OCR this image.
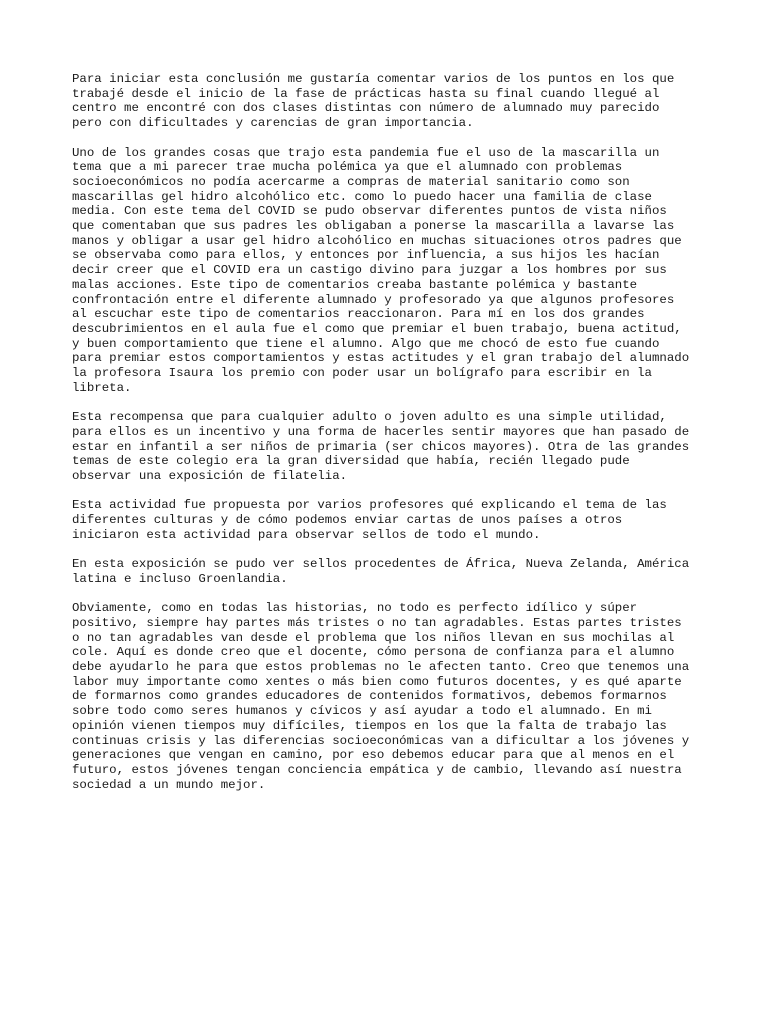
Para iniciar esta conclusión me gustaría comentar varios de los puntos en los que
trabajé desde el inicio de la fase de prácticas hasta su final cuando llegué al
centro me encontré con dos clases distintas con número de alumnado muy parecido
pero con dificultades y carencias de gran importancia.

Uno de los grandes cosas que trajo esta pandemia fue el uso de la mascarilla un
tema que a mi parecer trae mucha polémica ya que el alumnado con problemas
socioeconómicos no podía acercarme a compras de material sanitario como son
mascarillas gel hidro alcohólico etc. como lo puedo hacer una familia de clase
media. Con este tema del COVID se pudo observar diferentes puntos de vista niños
que comentaban que sus padres les obligaban a ponerse la mascarilla a lavarse las
manos y obligar a usar gel hidro alcohólico en muchas situaciones otros padres que
se observaba como para ellos, y entonces por influencia, a sus hijos les hacían
decir creer que el COVID era un castigo divino para juzgar a los hombres por sus
malas acciones. Este tipo de comentarios creaba bastante polémica y bastante
confrontación entre el diferente alumnado y profesorado ya que algunos profesores
al escuchar este tipo de comentarios reaccionaron. Para mí en los dos grandes
descubrimientos en el aula fue el como que premiar el buen trabajo, buena actitud,
y buen comportamiento que tiene el alumno. Algo que me chocó de esto fue cuando
para premiar estos comportamientos y estas actitudes y el gran trabajo del alumnado
la profesora Isaura los premio con poder usar un bolígrafo para escribir en la
libreta.

Esta recompensa que para cualquier adulto o joven adulto es una simple utilidad,
para ellos es un incentivo y una forma de hacerles sentir mayores que han pasado de
estar en infantil a ser niños de primaria (ser chicos mayores). Otra de las grandes
temas de este colegio era la gran diversidad que había, recién llegado pude
observar una exposición de filatelia.

Esta actividad fue propuesta por varios profesores qué explicando el tema de las
diferentes culturas y de cómo podemos enviar cartas de unos países a otros
iniciaron esta actividad para observar sellos de todo el mundo.

En esta exposición se pudo ver sellos procedentes de África, Nueva Zelanda, América
latina e incluso Groenlandia.

Obviamente, como en todas las historias, no todo es perfecto idílico y súper
positivo, siempre hay partes más tristes o no tan agradables. Estas partes tristes
o no tan agradables van desde el problema que los niños llevan en sus mochilas al
cole. Aquí es donde creo que el docente, cómo persona de confianza para el alumno
debe ayudarlo he para que estos problemas no le afecten tanto. Creo que tenemos una
labor muy importante como xentes o más bien como futuros docentes, y es qué aparte
de formarnos como grandes educadores de contenidos formativos, debemos formarnos
sobre todo como seres humanos y cívicos y así ayudar a todo el alumnado. En mi
opinión vienen tiempos muy difíciles, tiempos en los que la falta de trabajo las
continuas crisis y las diferencias socioeconómicas van a dificultar a los jóvenes y
generaciones que vengan en camino, por eso debemos educar para que al menos en el
futuro, estos jóvenes tengan conciencia empática y de cambio, llevando así nuestra
sociedad a un mundo mejor.
